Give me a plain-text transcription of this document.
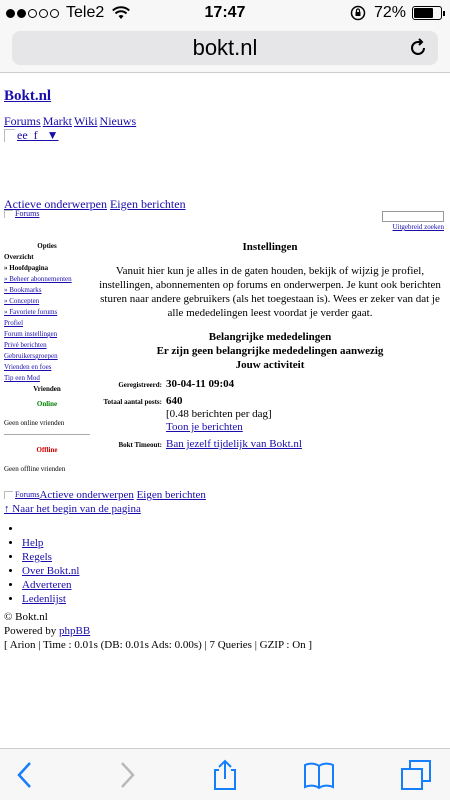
Tele2	17:47	72%
bokt.nl
Bokt.nl
Forums Markt Wiki Nieuws
ee_f_ ▼
Actieve onderwerpen Eigen berichten
Forums
Uitgebreid zoeken
Opties
Overzicht
» Hoofdpagina
» Beheer abonnementen
» Bookmarks
» Concepten
» Favoriete forums
Profiel
Forum instellingen
Privé berichten
Gebruikersgroepen
Vrienden en foes
Tip een Mod
Vrienden
Online
Geen online vrienden
Offline
Geen offline vrienden
Instellingen

Vanuit hier kun je alles in de gaten houden, bekijk of wijzig je profiel, instellingen, abonnementen op forums en onderwerpen. Je kunt ook berichten sturen naar andere gebruikers (als het toegestaan is). Wees er zeker van dat je alle mededelingen leest voordat je verder gaat.

Belangrijke mededelingen
Er zijn geen belangrijke mededelingen aanwezig
Jouw activiteit
Geregistreerd: 30-04-11 09:04
Totaal aantal posts: 640
[0.48 berichten per dag]
Toon je berichten
Bokt Timeout: Ban jezelf tijdelijk van Bokt.nl
Forums Actieve onderwerpen
Eigen berichten
↑ Naar het begin van de pagina
•
• Help
• Regels
• Over Bokt.nl
• Adverteren
• Ledenlijst
© Bokt.nl
Powered by phpBB
[ Arion | Time : 0.01s (DB: 0.01s Ads: 0.00s) | 7 Queries | GZIP : On ]
